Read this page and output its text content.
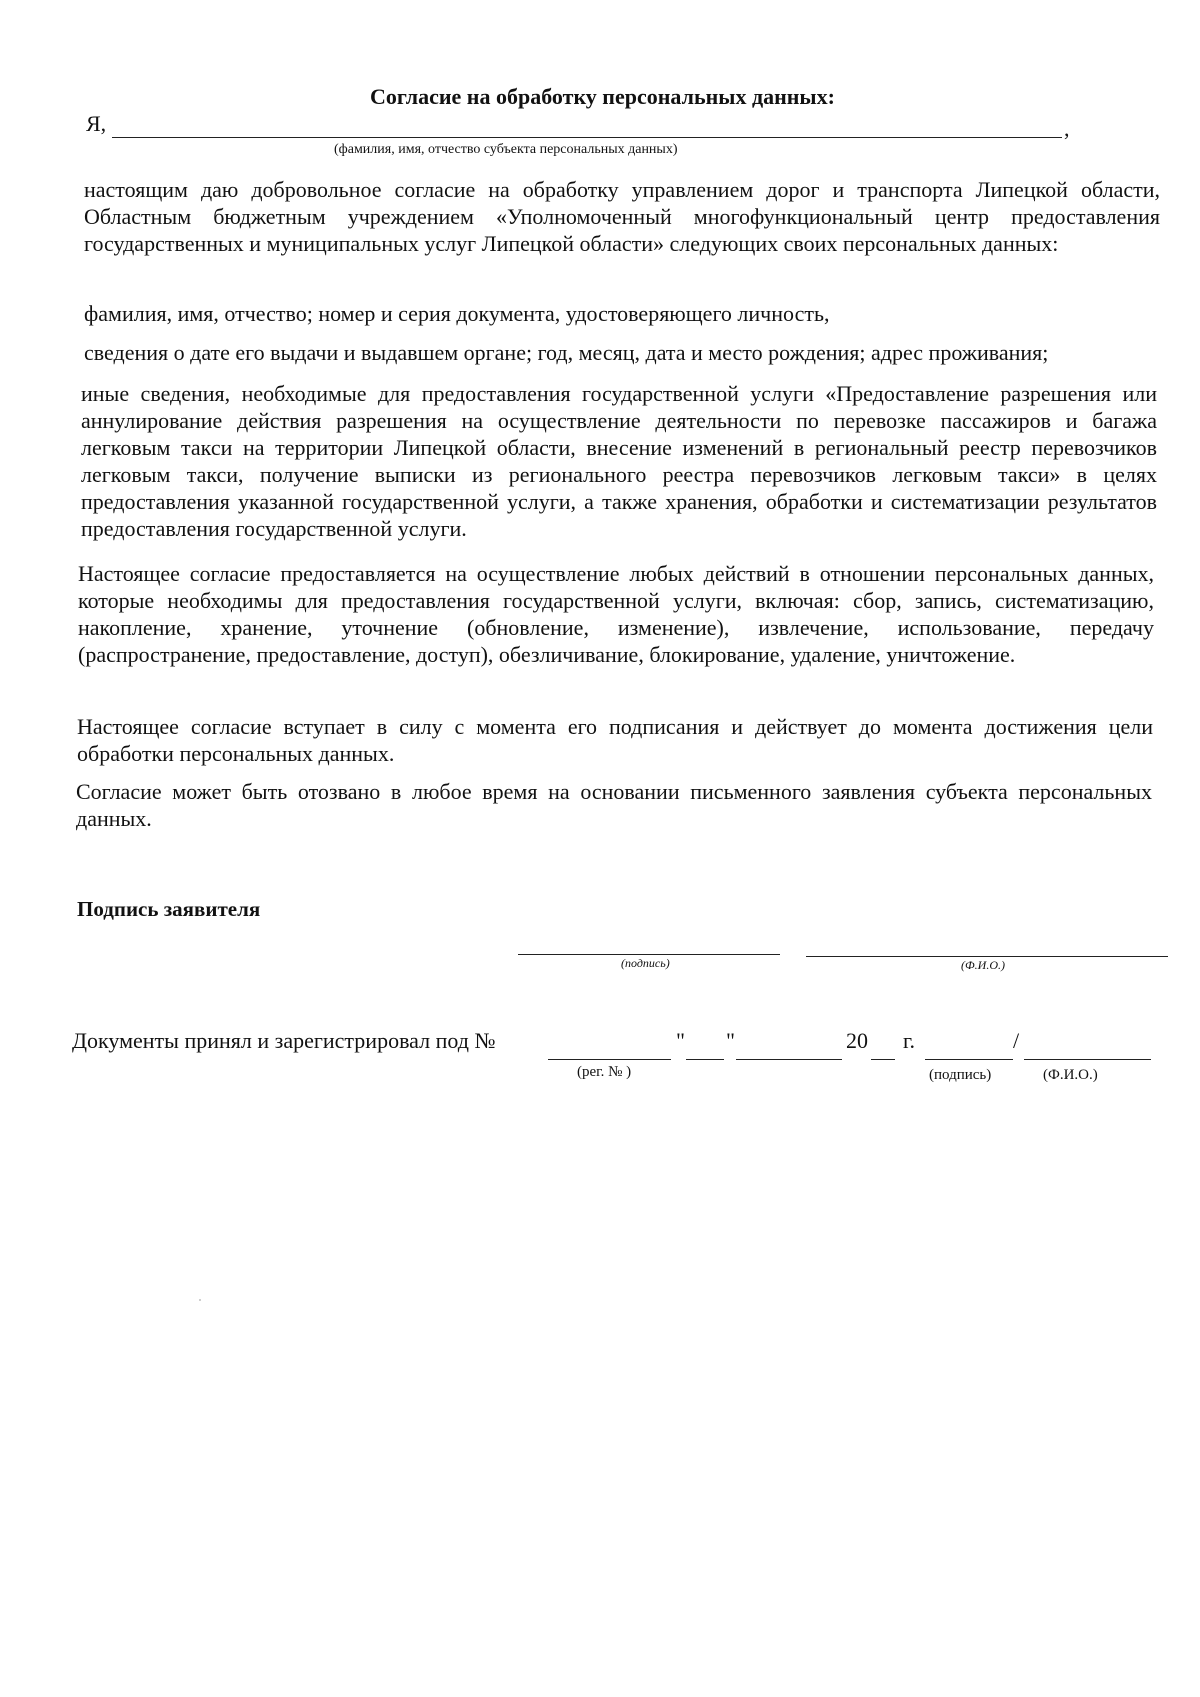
Согласие на обработку персональных данных:
Я,	,
(фамилия, имя, отчество субъекта персональных данных)
настоящим даю добровольное согласие на обработку управлением дорог и транспорта Липецкой области, Областным бюджетным учреждением «Уполномоченный многофункциональный центр предоставления государственных и муниципальных услуг Липецкой области» следующих своих персональных данных:
фамилия, имя, отчество; номер и серия документа, удостоверяющего личность,
сведения о дате его выдачи и выдавшем органе; год, месяц, дата и место рождения; адрес проживания;
иные сведения, необходимые для предоставления государственной услуги «Предоставление разрешения или аннулирование действия разрешения на осуществление деятельности по перевозке пассажиров и багажа легковым такси на территории Липецкой области, внесение изменений в региональный реестр перевозчиков легковым такси, получение выписки из регионального реестра перевозчиков легковым такси» в целях предоставления указанной государственной услуги, а также хранения, обработки и систематизации результатов предоставления государственной услуги.
Настоящее согласие предоставляется на осуществление любых действий в отношении персональных данных, которые необходимы для предоставления государственной услуги, включая: сбор, запись, систематизацию, накопление, хранение, уточнение (обновление, изменение), извлечение, использование, передачу (распространение, предоставление, доступ), обезличивание, блокирование, удаление, уничтожение.
Настоящее согласие вступает в силу с момента его подписания и действует до момента достижения цели обработки персональных данных.
Согласие может быть отозвано в любое время на основании письменного заявления субъекта персональных данных.
Подпись заявителя
(подпись)	(Ф.И.О.)
Документы принял и зарегистрировал под №	" "	20 г.	/
(рег. № )	(подпись)	(Ф.И.О.)
